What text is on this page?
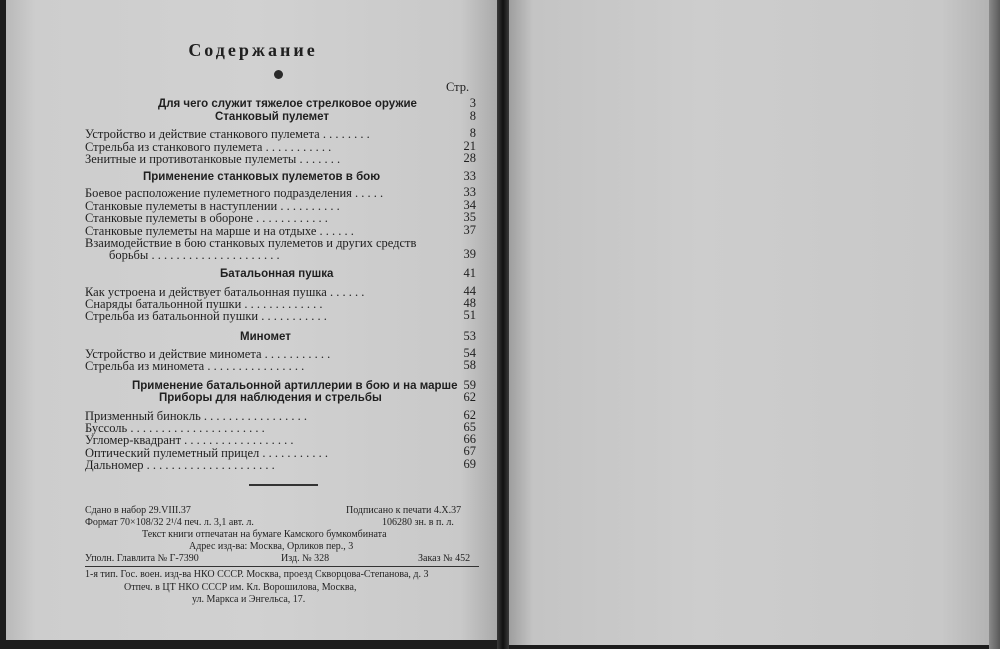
Содержание
Стр.
Для чего служит тяжелое стрелковое оружие	3
Станковый пулемет	8
Устройство и действие станкового пулемета . . . . . . . .	8
Стрельба из станкового пулемета . . . . . . . . . . .	21
Зенитные и противотанковые пулеметы . . . . . . .	28
Применение станковых пулеметов в бою	33
Боевое расположение пулеметного подразделения . . . . .	33
Станковые пулеметы в наступлении . . . . . . . . . .	34
Станковые пулеметы в обороне . . . . . . . . . . . .	35
Станковые пулеметы на марше и на отдыхе . . . . . .	37
Взаимодействие в бою станковых пулеметов и других средств
борьбы . . . . . . . . . . . . . . . . . . . . .	39
Батальонная пушка	41
Как устроена и действует батальонная пушка . . . . . .	44
Снаряды батальонной пушки . . . . . . . . . . . . .	48
Стрельба из батальонной пушки . . . . . . . . . . .	51
Миномет	53
Устройство и действие миномета . . . . . . . . . . .	54
Стрельба из миномета . . . . . . . . . . . . . . . .	58
Применение батальонной артиллерии в бою и на марше 59
Приборы для наблюдения и стрельбы	62
Призменный бинокль . . . . . . . . . . . . . . . . .	62
Буссоль . . . . . . . . . . . . . . . . . . . . . .	65
Угломер-квадрант . . . . . . . . . . . . . . . . . .	66
Оптический пулеметный прицел . . . . . . . . . . .	67
Дальномер . . . . . . . . . . . . . . . . . . . . .	69
Сдано в набор 29.VIII.37	Подписано к печати 4.X.37
Формат 70×108/32 2¹/4 печ. л. 3,1 авт. л.	106280 зн. в п. л.
Текст книги отпечатан на бумаге Камского бумкомбината
Адрес изд-ва: Москва, Орликов пер., 3
Уполн. Главлита № Г-7390	Изд. № 328	Заказ № 452
1-я тип. Гос. воен. изд-ва НКО СССР. Москва, проезд Скворцова-Степанова, д. 3
Отпеч. в ЦТ НКО СССР им. Кл. Ворошилова, Москва,
ул. Маркса и Энгельса, 17.
